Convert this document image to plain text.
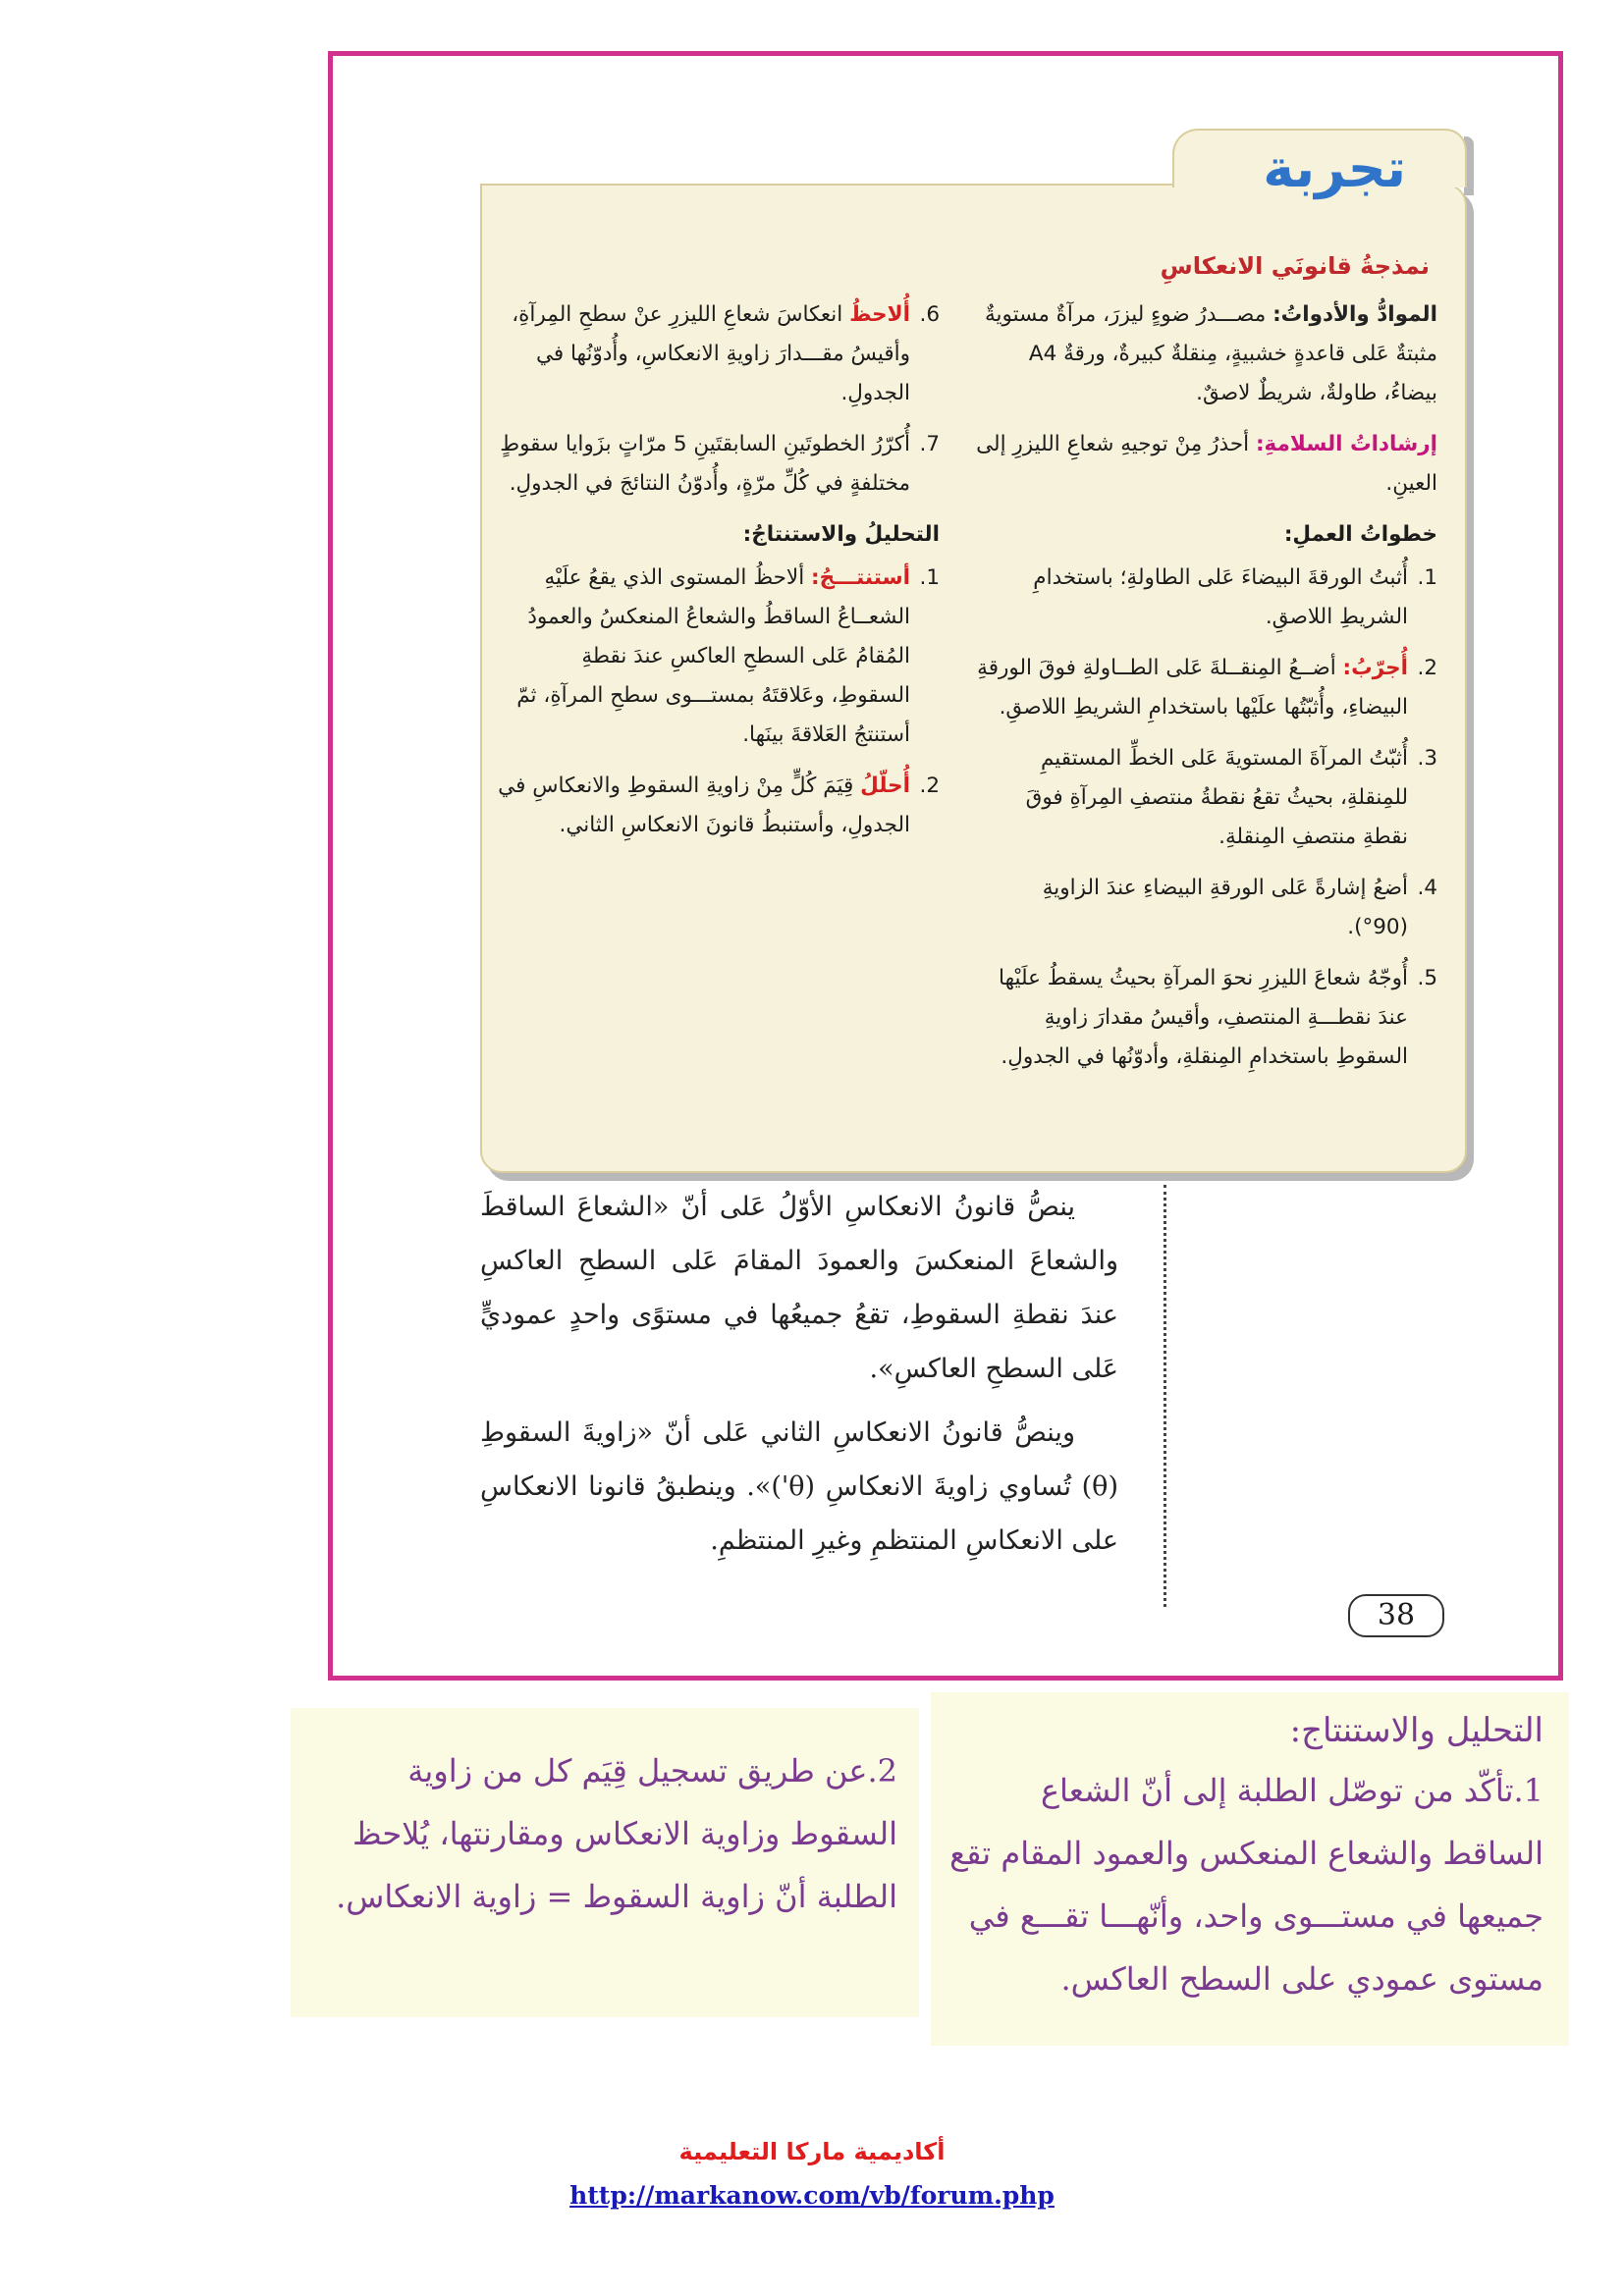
تجربة
نمذجةُ قانونَي الانعكاسِ
الموادُّ والأدواتُ: مصـــدرُ ضوءٍ ليزرَ، مرآةٌ مستويةٌ مثبتةٌ عَلى قاعدةٍ خشبيةٍ، مِنقلةٌ كبيرةٌ، ورقةٌ A4 بيضاءُ، طاولةٌ، شريطٌ لاصقٌ.
إرشاداتُ السلامةِ: أحذرُ مِنْ توجيهِ شعاعِ الليزرِ إلى العينِ.
خطواتُ العملِ:
1.
أُثبتُ الورقةَ البيضاءَ عَلى الطاولةِ؛ باستخدامِ الشريطِ اللاصقِ.
2.
أُجرّبُ: أضــعُ المِنقــلةَ عَلى الطــاولةِ فوقَ الورقةِ البيضاءِ، وأُثبّتُها علَيْها باستخدامِ الشريطِ اللاصقِ.
3.
أُثبّتُ المرآةَ المستويةَ عَلى الخطِّ المستقيمِ للمِنقلةِ، بحيثُ تقعُ نقطةُ منتصفِ المِرآةِ فوقَ نقطةِ منتصفِ المِنقلةِ.
4.
أضعُ إشارةً عَلى الورقةِ البيضاءِ عندَ الزاويةِ (90°).
5.
أُوجّهُ شعاعَ الليزرِ نحوَ المرآةِ بحيثُ يسقطُ علَيْها عندَ نقطـــةِ المنتصفِ، وأقيسُ مقدارَ زاويةِ السقوطِ باستخدامِ المِنقلةِ، وأدوّنُها في الجدولِ.
6.
أُلاحظُ انعكاسَ شعاعِ الليزرِ عنْ سطحِ المِرآةِ، وأقيسُ مقـــدارَ زاويةِ الانعكاسِ، وأُدوّنُها في الجدولِ.
7.
أُكرّرُ الخطوتَينِ السابقتَينِ 5 مرّاتٍ بزَوايا سقوطٍ مختلفةٍ في كُلِّ مرّةٍ، وأُدوّنُ النتائجَ في الجدولِ.
التحليلُ والاستنتاجُ:
1.
أستنتـــجُ: ألاحظُ المستوى الذي يقعُ علَيْهِ الشعــاعُ الساقطُ والشعاعُ المنعكسُ والعمودُ المُقامُ عَلى السطحِ العاكسِ عندَ نقطةِ السقوطِ، وعَلاقتَهُ بمستـــوى سطحِ المرآةِ، ثمّ أستنتجُ العَلاقةَ بينَها.
2.
أُحلّلُ قِيَمَ كُلٍّ مِنْ زاويةِ السقوطِ والانعكاسِ في الجدولِ، وأستنبطُ قانونَ الانعكاسِ الثاني.

ينصُّ قانونُ الانعكاسِ الأوّلُ عَلى أنّ «الشعاعَ الساقطَ والشعاعَ المنعكسَ والعمودَ المقامَ عَلى السطحِ العاكسِ عندَ نقطةِ السقوطِ، تقعُ جميعُها في مستوًى واحدٍ عموديٍّ عَلى السطحِ العاكسِ».

وينصُّ قانونُ الانعكاسِ الثاني عَلى أنّ «زاويةَ السقوطِ (θ) تُساوي زاويةَ الانعكاسِ (θ')». وينطبقُ قانونا الانعكاسِ على الانعكاسِ المنتظمِ وغيرِ المنتظمِ.

38
التحليل والاستنتاج:
1.تأكّد من توصّل الطلبة إلى أنّ الشعاع الساقط والشعاع المنعكس والعمود المقام تقع جميعها في مستـــوى واحد، وأنّهـــا تقـــع في مستوى عمودي على السطح العاكس.
2.عن طريق تسجيل قِيَم كل من زاوية السقوط وزاوية الانعكاس ومقارنتها، يُلاحظ الطلبة أنّ زاوية السقوط = زاوية الانعكاس.
أكاديمية ماركا التعليمية
http://markanow.com/vb/forum.php
